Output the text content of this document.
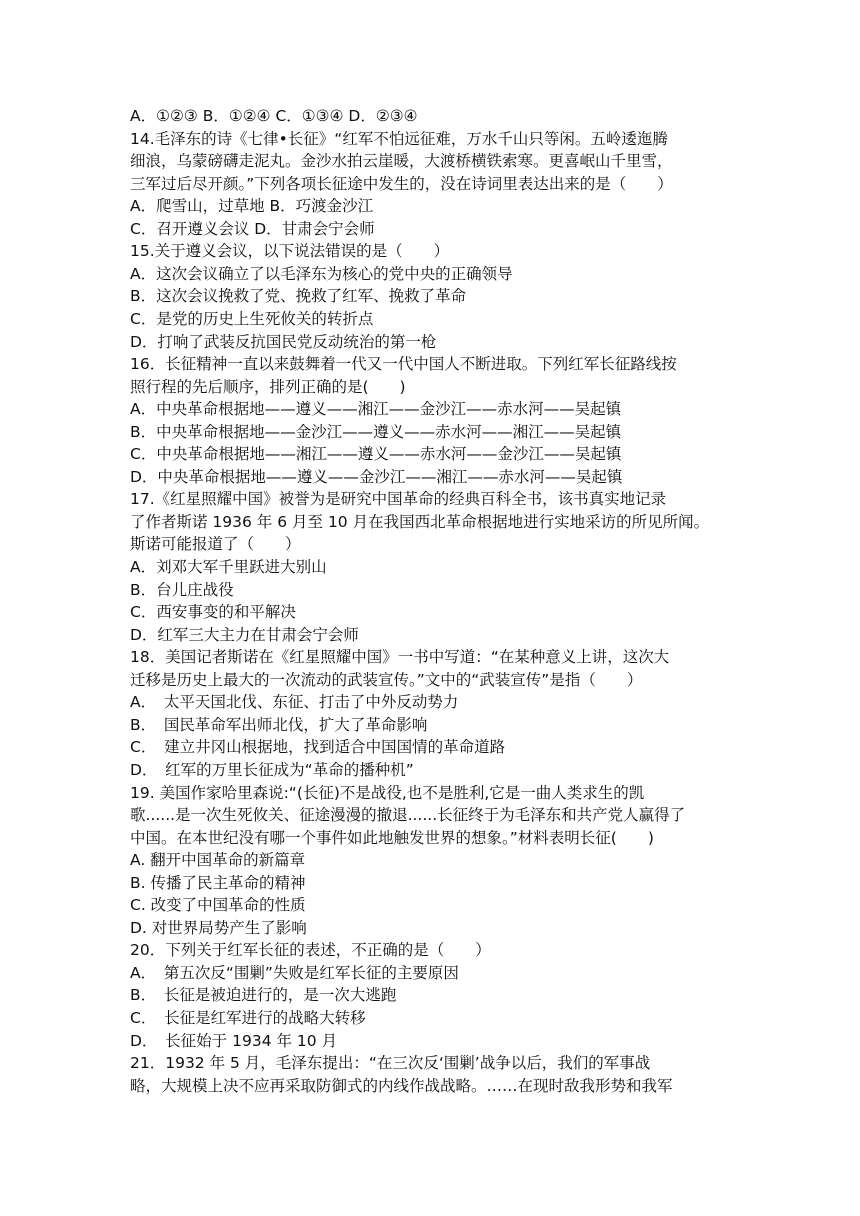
A．①②③ B．①②④ C．①③④ D．②③④
14.毛泽东的诗《七律•长征》“红军不怕远征难，万水千山只等闲。五岭逶迤腾
细浪，乌蒙磅礴走泥丸。金沙水拍云崖暖，大渡桥横铁索寒。更喜岷山千里雪，
三军过后尽开颜。”下列各项长征途中发生的，没在诗词里表达出来的是（　　）
A．爬雪山，过草地 B．巧渡金沙江
C．召开遵义会议 D．甘肃会宁会师
15.关于遵义会议，以下说法错误的是（　　）
A．这次会议确立了以毛泽东为核心的党中央的正确领导
B．这次会议挽救了党、挽救了红军、挽救了革命
C．是党的历史上生死攸关的转折点
D．打响了武装反抗国民党反动统治的第一枪
16．长征精神一直以来鼓舞着一代又一代中国人不断进取。下列红军长征路线按
照行程的先后顺序，排列正确的是(　　)
A．中央革命根据地——遵义——湘江——金沙江——赤水河——吴起镇
B．中央革命根据地——金沙江——遵义——赤水河——湘江——吴起镇
C．中央革命根据地——湘江——遵义——赤水河——金沙江——吴起镇
D．中央革命根据地——遵义——金沙江——湘江——赤水河——吴起镇
17.《红星照耀中国》被誉为是研究中国革命的经典百科全书，该书真实地记录
了作者斯诺 1936 年 6 月至 10 月在我国西北革命根据地进行实地采访的所见所闻。
斯诺可能报道了（　　）
A．刘邓大军千里跃进大别山
B．台儿庄战役
C．西安事变的和平解决
D．红军三大主力在甘肃会宁会师
18．美国记者斯诺在《红星照耀中国》一书中写道：“在某种意义上讲，这次大
迁移是历史上最大的一次流动的武装宣传。”文中的“武装宣传”是指（　　）
A．　太平天国北伐、东征、打击了中外反动势力
B．　国民革命军出师北伐，扩大了革命影响
C．　建立井冈山根据地，找到适合中国国情的革命道路
D．　红军的万里长征成为“革命的播种机”
19. 美国作家哈里森说:“(长征)不是战役,也不是胜利,它是一曲人类求生的凯
歌......是一次生死攸关、征途漫漫的撤退......长征终于为毛泽东和共产党人赢得了
中国。在本世纪没有哪一个事件如此地触发世界的想象。”材料表明长征(　　)
A. 翻开中国革命的新篇章
B. 传播了民主革命的精神
C. 改变了中国革命的性质
D. 对世界局势产生了影响
20．下列关于红军长征的表述，不正确的是（　　）
A．　第五次反“围剿”失败是红军长征的主要原因
B．　长征是被迫进行的，是一次大逃跑
C．　长征是红军进行的战略大转移
D．　长征始于 1934 年 10 月
21．1932 年 5 月，毛泽东提出：“在三次反‘围剿’战争以后，我们的军事战
略，大规模上决不应再采取防御式的内线作战战略。……在现时敌我形势和我军
